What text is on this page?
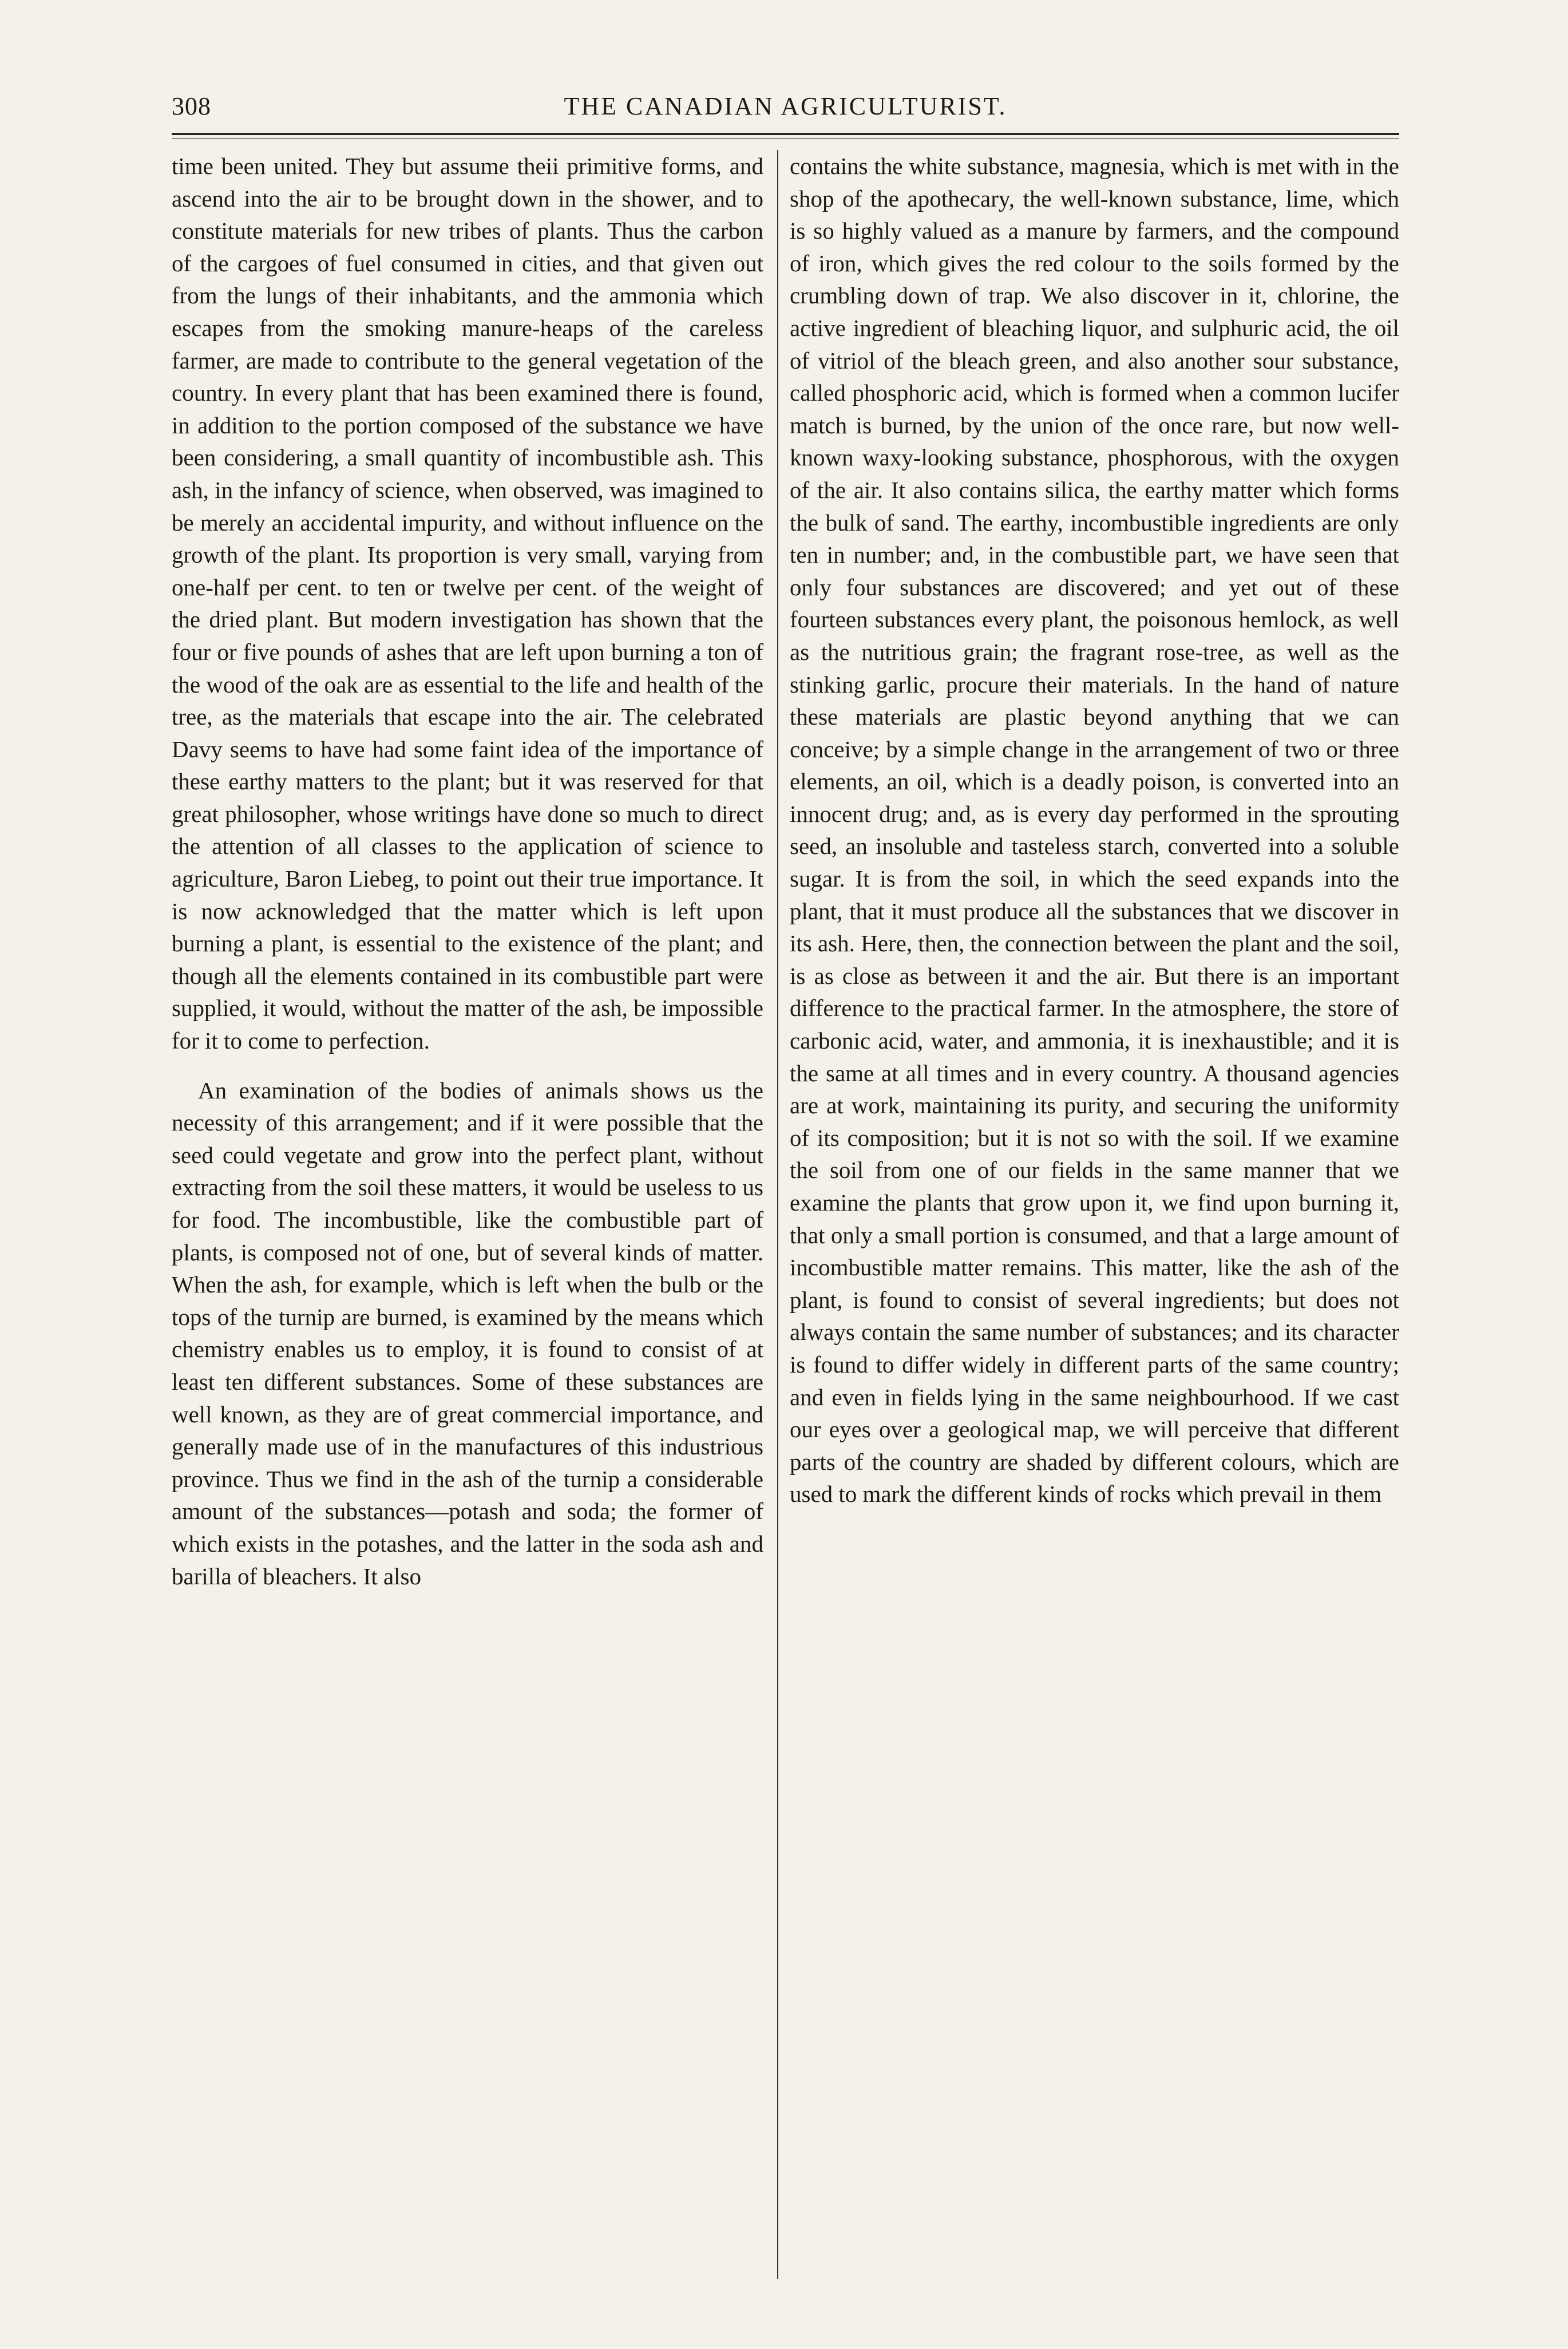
308	THE CANADIAN AGRICULTURIST.

time been united. They but assume theii primitive forms, and ascend into the air to be brought down in the shower, and to constitute materials for new tribes of plants. Thus the carbon of the cargoes of fuel consumed in cities, and that given out from the lungs of their inhabitants, and the ammonia which escapes from the smoking manure-heaps of the careless farmer, are made to contribute to the general vegetation of the country. In every plant that has been examined there is found, in addition to the portion composed of the substance we have been considering, a small quantity of incombustible ash. This ash, in the infancy of science, when observed, was imagined to be merely an accidental impurity, and without influence on the growth of the plant. Its proportion is very small, varying from one-half per cent. to ten or twelve per cent. of the weight of the dried plant. But modern investigation has shown that the four or five pounds of ashes that are left upon burning a ton of the wood of the oak are as essential to the life and health of the tree, as the materials that escape into the air. The celebrated Davy seems to have had some faint idea of the importance of these earthy matters to the plant; but it was reserved for that great philosopher, whose writings have done so much to direct the attention of all classes to the application of science to agriculture, Baron Liebeg, to point out their true importance. It is now acknowledged that the matter which is left upon burning a plant, is essential to the existence of the plant; and though all the elements contained in its combustible part were supplied, it would, without the matter of the ash, be impossible for it to come to perfection.

An examination of the bodies of animals shows us the necessity of this arrangement; and if it were possible that the seed could vegetate and grow into the perfect plant, without extracting from the soil these matters, it would be useless to us for food. The incombustible, like the combustible part of plants, is composed not of one, but of several kinds of matter. When the ash, for example, which is left when the bulb or the tops of the turnip are burned, is examined by the means which chemistry enables us to employ, it is found to consist of at least ten different substances. Some of these substances are well known, as they are of great commercial importance, and generally made use of in the manufactures of this industrious province. Thus we find in the ash of the turnip a considerable amount of the substances—potash and soda; the former of which exists in the potashes, and the latter in the soda ash and barilla of bleachers. It also

contains the white substance, magnesia, which is met with in the shop of the apothecary, the well-known substance, lime, which is so highly valued as a manure by farmers, and the compound of iron, which gives the red colour to the soils formed by the crumbling down of trap. We also discover in it, chlorine, the active ingredient of bleaching liquor, and sulphuric acid, the oil of vitriol of the bleach green, and also another sour substance, called phosphoric acid, which is formed when a common lucifer match is burned, by the union of the once rare, but now well-known waxy-looking substance, phosphorous, with the oxygen of the air. It also contains silica, the earthy matter which forms the bulk of sand. The earthy, incombustible ingredients are only ten in number; and, in the combustible part, we have seen that only four substances are discovered; and yet out of these fourteen substances every plant, the poisonous hemlock, as well as the nutritious grain; the fragrant rose-tree, as well as the stinking garlic, procure their materials. In the hand of nature these materials are plastic beyond anything that we can conceive; by a simple change in the arrangement of two or three elements, an oil, which is a deadly poison, is converted into an innocent drug; and, as is every day performed in the sprouting seed, an insoluble and tasteless starch, converted into a soluble sugar. It is from the soil, in which the seed expands into the plant, that it must produce all the substances that we discover in its ash. Here, then, the connection between the plant and the soil, is as close as between it and the air. But there is an important difference to the practical farmer. In the atmosphere, the store of carbonic acid, water, and ammonia, it is inexhaustible; and it is the same at all times and in every country. A thousand agencies are at work, maintaining its purity, and securing the uniformity of its composition; but it is not so with the soil. If we examine the soil from one of our fields in the same manner that we examine the plants that grow upon it, we find upon burning it, that only a small portion is consumed, and that a large amount of incombustible matter remains. This matter, like the ash of the plant, is found to consist of several ingredients; but does not always contain the same number of substances; and its character is found to differ widely in different parts of the same country; and even in fields lying in the same neighbourhood. If we cast our eyes over a geological map, we will perceive that different parts of the country are shaded by different colours, which are used to mark the different kinds of rocks which prevail in them
